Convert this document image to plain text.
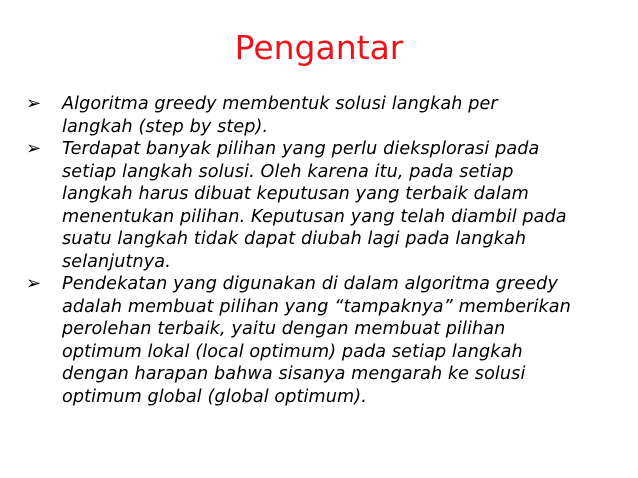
Pengantar
➢	Algoritma greedy membentuk solusi langkah per
langkah (step by step).
➢	Terdapat banyak pilihan yang perlu dieksplorasi pada
setiap langkah solusi. Oleh karena itu, pada setiap
langkah harus dibuat keputusan yang terbaik dalam
menentukan pilihan. Keputusan yang telah diambil pada
suatu langkah tidak dapat diubah lagi pada langkah
selanjutnya.
➢	Pendekatan yang digunakan di dalam algoritma greedy
adalah membuat pilihan yang “tampaknya” memberikan
perolehan terbaik, yaitu dengan membuat pilihan
optimum lokal (local optimum) pada setiap langkah
dengan harapan bahwa sisanya mengarah ke solusi
optimum global (global optimum).
